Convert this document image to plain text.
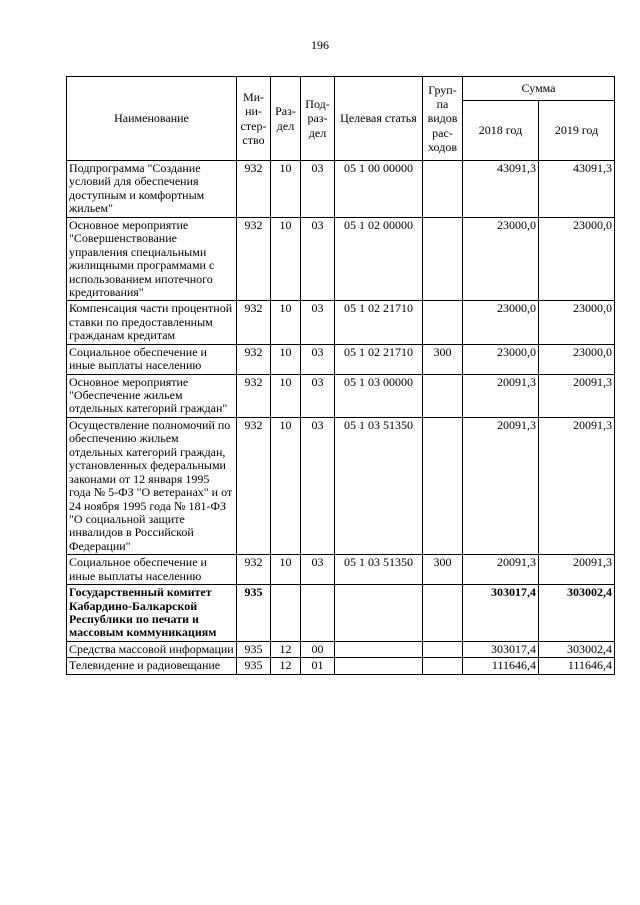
196
Наименование	Ми-ни-стер-ство	Раз-дел	Под-раз-дел	Целевая статья	Груп-па видов рас-ходов	Сумма	
						2018 год	2019 год
Подпрограмма "Создание условий для обеспечения доступным и комфортным жильем"	932	10	03	05 1 00 00000		43091,3	43091,3
Основное мероприятие "Совершенствование управления специальными жилищными программами с использованием ипотечного кредитования"	932	10	03	05 1 02 00000		23000,0	23000,0
Компенсация части процентной ставки по предоставленным гражданам кредитам	932	10	03	05 1 02 21710		23000,0	23000,0
Социальное обеспечение и иные выплаты населению	932	10	03	05 1 02 21710	300	23000,0	23000,0
Основное мероприятие "Обеспечение жильем отдельных категорий граждан"	932	10	03	05 1 03 00000		20091,3	20091,3
Осуществление полномочий по обеспечению жильем отдельных категорий граждан, установленных федеральными законами от 12 января 1995 года № 5-ФЗ "О ветеранах" и от 24 ноября 1995 года № 181-ФЗ "О социальной защите инвалидов в Российской Федерации"	932	10	03	05 1 03 51350		20091,3	20091,3
Социальное обеспечение и иные выплаты населению	932	10	03	05 1 03 51350	300	20091,3	20091,3
Государственный комитет Кабардино-Балкарской Республики по печати и массовым коммуникациям	935					303017,4	303002,4
Средства массовой информации	935	12	00			303017,4	303002,4
Телевидение и радиовещание	935	12	01			111646,4	111646,4
